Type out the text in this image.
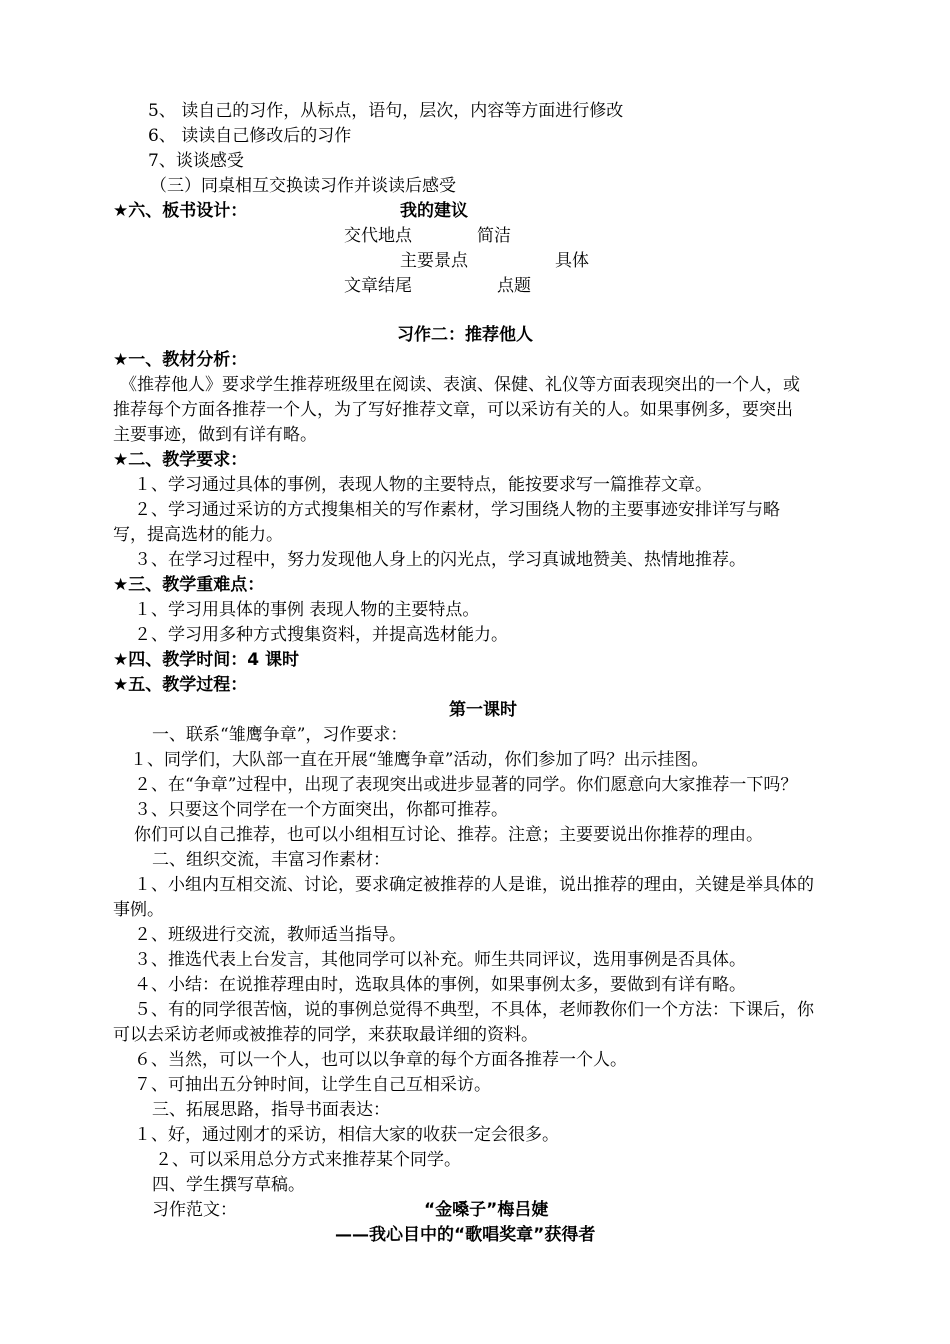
5、 读自己的习作，从标点，语句，层次，内容等方面进行修改
6、 读读自己修改后的习作
7、谈谈感受
（三）同桌相互交换读习作并谈读后感受
★六、板书设计：	我的建议
交代地点	简洁
主要景点	具体
文章结尾	点题
习作二：推荐他人
★一、教材分析：
《推荐他人》要求学生推荐班级里在阅读、表演、保健、礼仪等方面表现突出的一个人，或
推荐每个方面各推荐一个人，为了写好推荐文章，可以采访有关的人。如果事例多，要突出
主要事迹，做到有详有略。
★二、教学要求：
１、学习通过具体的事例，表现人物的主要特点，能按要求写一篇推荐文章。
２、学习通过采访的方式搜集相关的写作素材，学习围绕人物的主要事迹安排详写与略
写，提高选材的能力。
３、在学习过程中，努力发现他人身上的闪光点，学习真诚地赞美、热情地推荐。
★三、教学重难点：
１、学习用具体的事例 表现人物的主要特点。
２、学习用多种方式搜集资料，并提高选材能力。
★四、教学时间：4 课时
★五、教学过程：
第一课时
一、联系“雏鹰争章”，习作要求：
１、同学们，大队部一直在开展“雏鹰争章”活动，你们参加了吗？出示挂图。
２、在“争章”过程中，出现了表现突出或进步显著的同学。你们愿意向大家推荐一下吗？
３、只要这个同学在一个方面突出，你都可推荐。
你们可以自己推荐，也可以小组相互讨论、推荐。注意；主要要说出你推荐的理由。
二、组织交流，丰富习作素材：
１、小组内互相交流、讨论，要求确定被推荐的人是谁，说出推荐的理由，关键是举具体的
事例。
２、班级进行交流，教师适当指导。
３、推选代表上台发言，其他同学可以补充。师生共同评议，选用事例是否具体。
４、小结：在说推荐理由时，选取具体的事例，如果事例太多，要做到有详有略。
５、有的同学很苦恼，说的事例总觉得不典型，不具体，老师教你们一个方法：下课后，你
可以去采访老师或被推荐的同学，来获取最详细的资料。
６、当然，可以一个人，也可以以争章的每个方面各推荐一个人。
７、可抽出五分钟时间，让学生自己互相采访。
三、拓展思路，指导书面表达：
１、好，通过刚才的采访，相信大家的收获一定会很多。
２、可以采用总分方式来推荐某个同学。
四、学生撰写草稿。
习作范文：	“金嗓子”梅吕婕
——我心目中的“歌唱奖章”获得者
